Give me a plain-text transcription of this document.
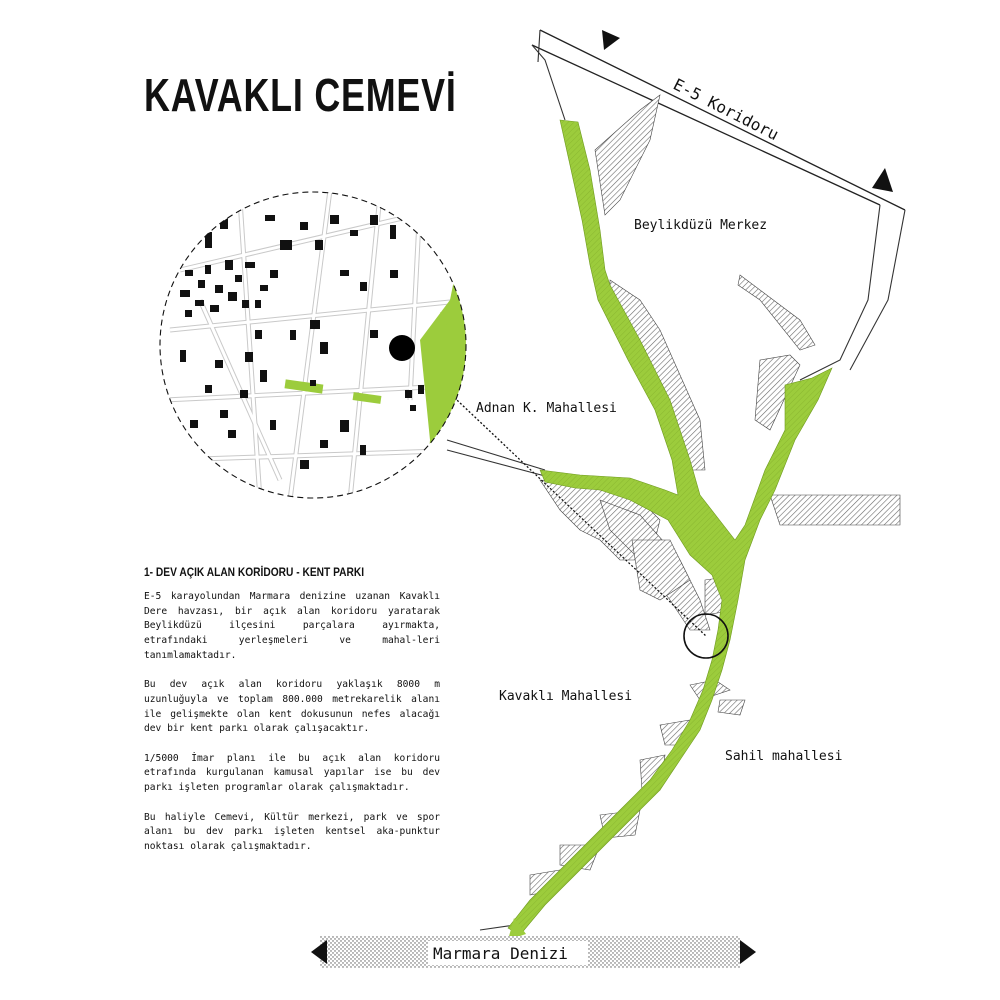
KAVAKLI CEMEVİ	E-5 Koridoru
Beylikdüzü Merkez
Adnan K. Mahallesi
Kavaklı Mahallesi
Sahil mahallesi
Marmara Denizi
1- DEV AÇIK ALAN KORİDORU - KENT PARKI

E-5 karayolundan Marmara denizine uzanan Kavaklı Dere havzası, bir açık alan koridoru yaratarak Beylikdüzü ilçesini parçalara ayırmakta, etrafındaki yerleşmeleri ve mahal-leri tanımlamaktadır.

Bu dev açık alan koridoru yaklaşık 8000 m uzunluğuyla ve toplam 800.000 metrekarelik alanı ile gelişmekte olan kent dokusunun nefes alacağı dev bir kent parkı olarak çalışacaktır.

1/5000 İmar planı ile bu açık alan koridoru etrafında kurgulanan kamusal yapılar ise bu dev parkı işleten programlar olarak çalışmaktadır.

Bu haliyle Cemevi, Kültür merkezi, park ve spor alanı bu dev parkı işleten kentsel aka-punktur noktası olarak çalışmaktadır.
